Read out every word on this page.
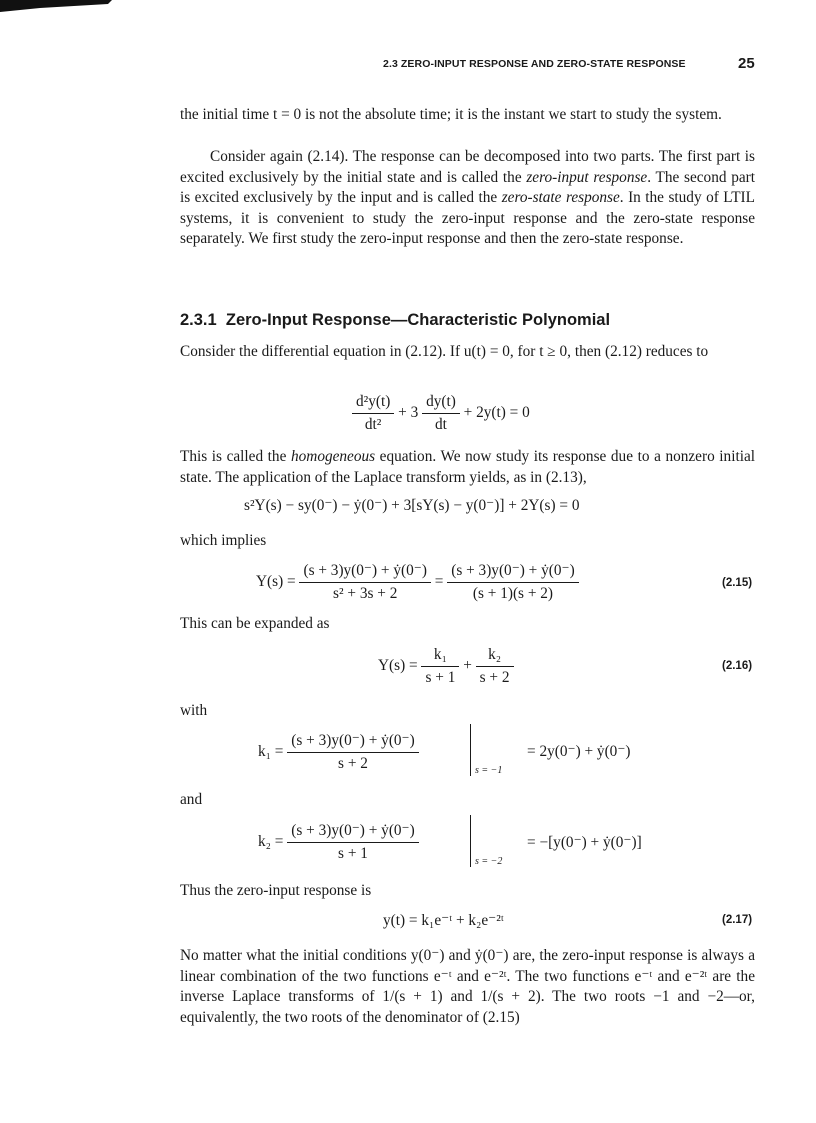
2.3 ZERO-INPUT RESPONSE AND ZERO-STATE RESPONSE	25

the initial time t = 0 is not the absolute time; it is the instant we start to study the system.

Consider again (2.14). The response can be decomposed into two parts. The first part is excited exclusively by the initial state and is called the zero-input response. The second part is excited exclusively by the input and is called the zero-state response. In the study of LTIL systems, it is convenient to study the zero-input response and the zero-state response separately. We first study the zero-input response and then the zero-state response.

2.3.1 Zero-Input Response—Characteristic Polynomial

Consider the differential equation in (2.12). If u(t) = 0, for t ≥ 0, then (2.12) reduces to

$\frac{\text{d²y(t)}}{\text{dt²}} + 3 \frac{dy(t)}{dt} + 2y(t) = 0$

This is called the homogeneous equation. We now study its response due to a nonzero initial state. The application of the Laplace transform yields, as in (2.13),

s²Y(s) − sy(0⁻) − ẏ(0⁻) + 3[sY(s) − y(0⁻)] + 2Y(s) = 0

which implies

$Y(s) = \frac{\text{(s + 3)y(0⁻) + ẏ(0⁻)}}{\text{s² + 3s + 2}} = \frac{\text{(s + 3)y(0⁻) + ẏ(0⁻)}}{(s + 1)(s + 2)}$	(2.15)

This can be expanded as

$Y(s) = \frac{\text{k₁}}{s + 1} + \frac{\text{k₂}}{s + 2}$	(2.16)

with

$k_1 = \frac{\text{(s + 3)y(0⁻) + ẏ(0⁻)}}{s + 2}$	s = −1
= 2y(0⁻) + ẏ(0⁻)

and

$k_2 = \frac{\text{(s + 3)y(0⁻) + ẏ(0⁻)}}{s + 1}$	s = −2
= −[y(0⁻) + ẏ(0⁻)]

Thus the zero-input response is

y(t) = k₁e⁻ᵗ + k₂e⁻²ᵗ	(2.17)

No matter what the initial conditions y(0⁻) and ẏ(0⁻) are, the zero-input response is always a linear combination of the two functions e⁻ᵗ and e⁻²ᵗ. The two functions e⁻ᵗ and e⁻²ᵗ are the inverse Laplace transforms of 1/(s + 1) and 1/(s + 2). The two roots −1 and −2—or, equivalently, the two roots of the denominator of (2.15)
